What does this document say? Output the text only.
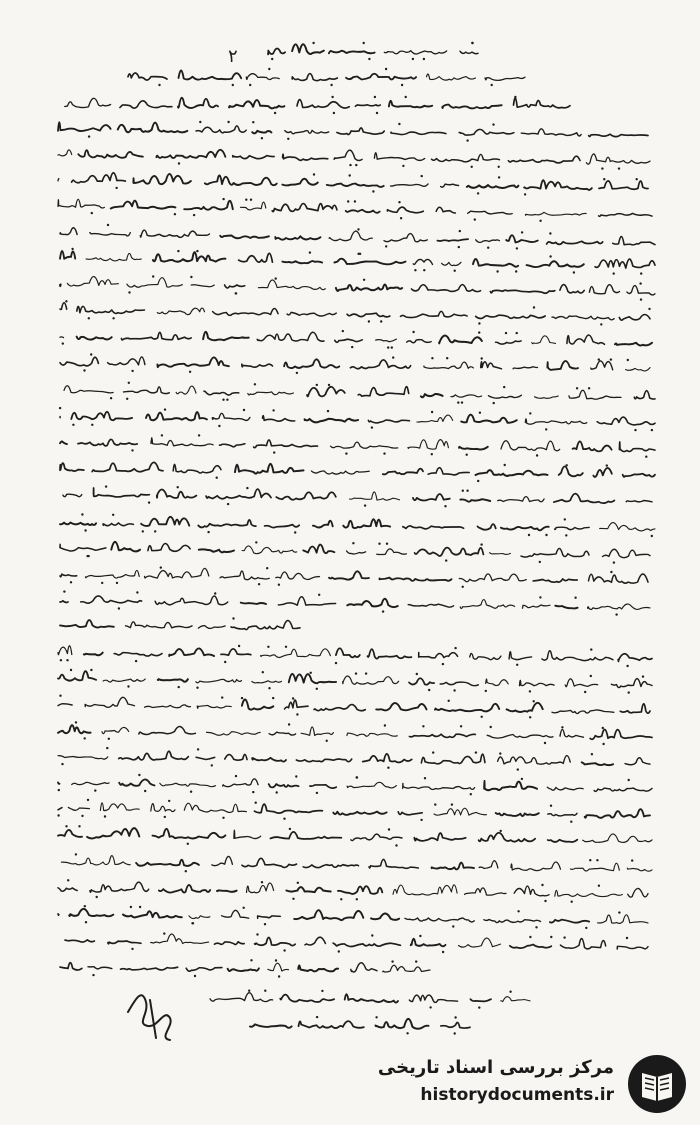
۲
مرکز بررسی اسناد تاریخی
historydocuments.ir
